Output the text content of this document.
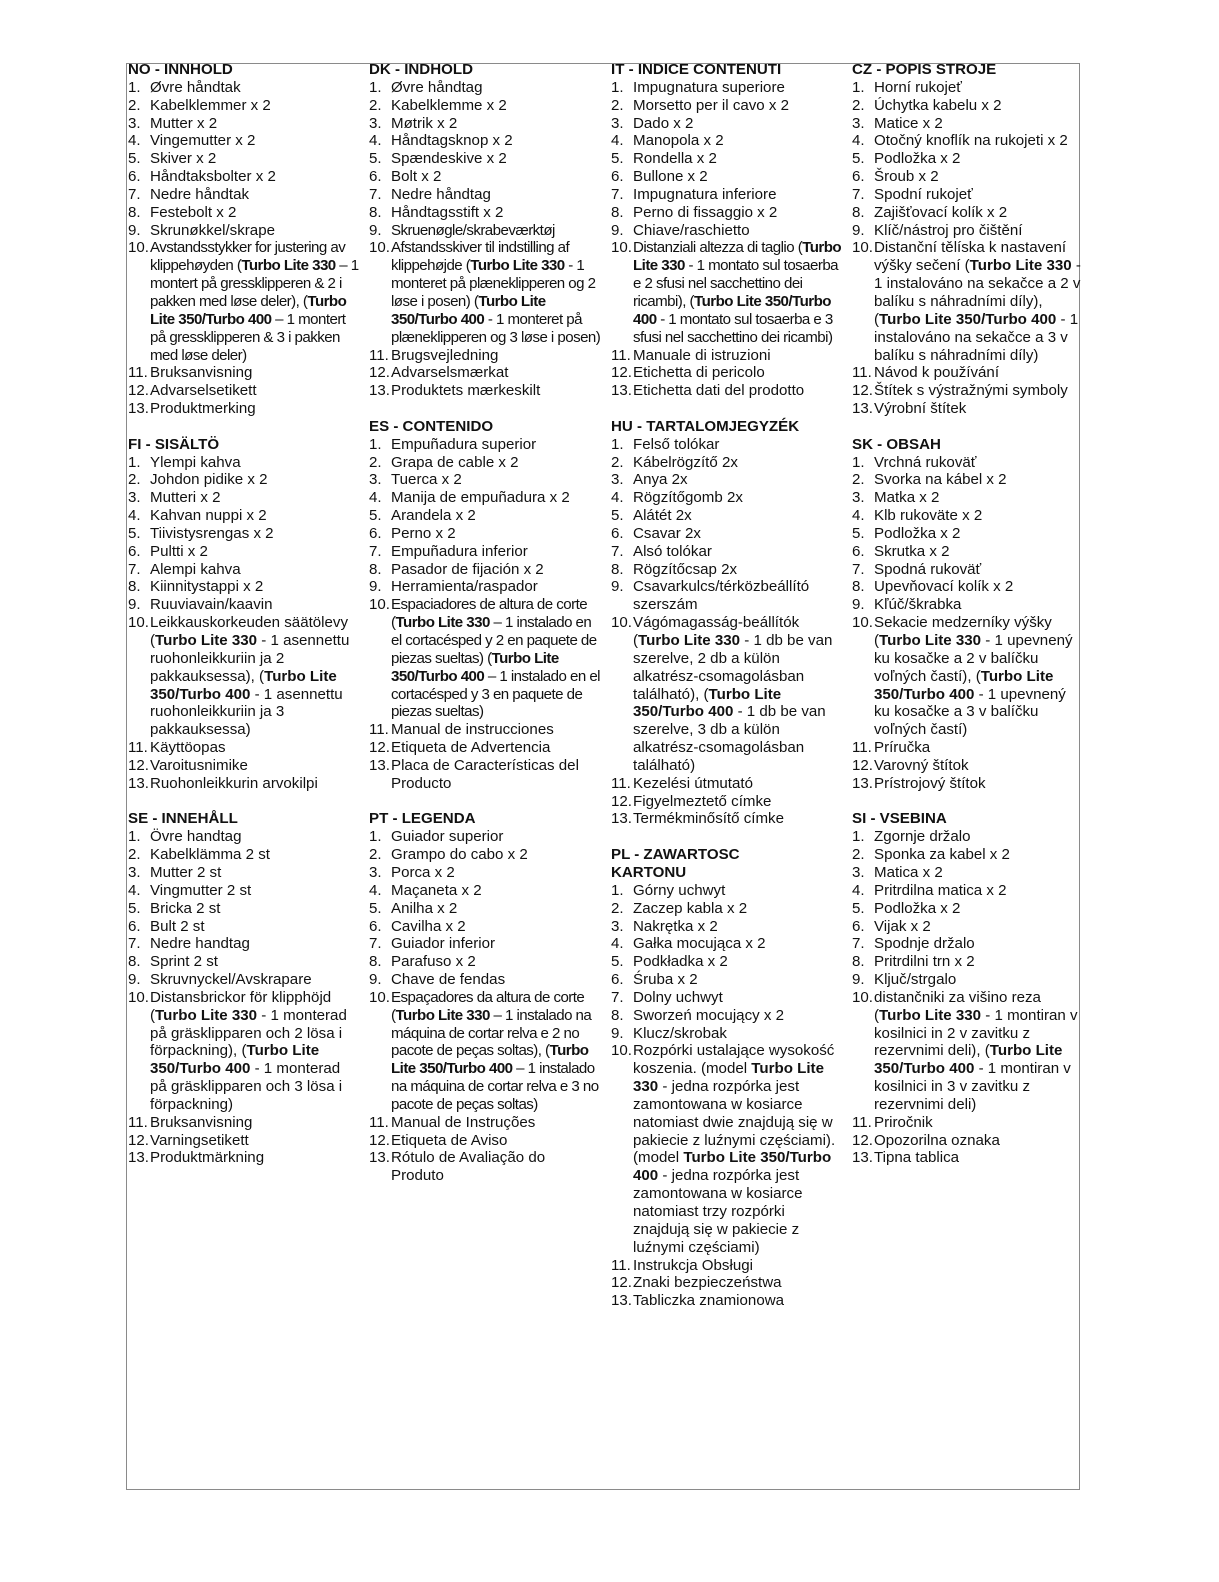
NO - INNHOLD
1. Øvre håndtak
2. Kabelklemmer x 2
3. Mutter x 2
4. Vingemutter x 2
5. Skiver x 2
6. Håndtaksbolter x 2
7. Nedre håndtak
8. Festebolt x 2
9. Skrunøkkel/skrape
10. Avstandsstykker for justering av klippehøyden (Turbo Lite 330 – 1 montert på gressklipperen & 2 i pakken med løse deler), (Turbo Lite 350/Turbo 400 – 1 montert på gressklipperen & 3 i pakken med løse deler)
11. Bruksanvisning
12. Advarselsetikett
13. Produktmerking
FI - SISÄLTÖ
1. Ylempi kahva
2. Johdon pidike x 2
3. Mutteri x 2
4. Kahvan nuppi x 2
5. Tiivistysrengas x 2
6. Pultti x 2
7. Alempi kahva
8. Kiinnitystappi x 2
9. Ruuviavain/kaavin
10. Leikkauskorkeuden säätölevy (Turbo Lite 330 - 1 asennettu ruohonleikkuriin ja 2 pakkauksessa), (Turbo Lite 350/Turbo 400 - 1 asennettu ruohonleikkuriin ja 3 pakkauksessa)
11. Käyttöopas
12. Varoitusnimike
13. Ruohonleikkurin arvokilpi
SE - INNEHÅLL
1. Övre handtag
2. Kabelklämma 2 st
3. Mutter 2 st
4. Vingmutter 2 st
5. Bricka 2 st
6. Bult 2 st
7. Nedre handtag
8. Sprint 2 st
9. Skruvnyckel/Avskrapare
10. Distansbrickor för klipphöjd (Turbo Lite 330 - 1 monterad på gräsklipparen och 2 lösa i förpackning), (Turbo Lite 350/Turbo 400 - 1 monterad på gräsklipparen och 3 lösa i förpackning)
11. Bruksanvisning
12. Varningsetikett
13. Produktmärkning
DK - INDHOLD
1. Øvre håndtag
2. Kabelklemme x 2
3. Møtrik x 2
4. Håndtagsknop x 2
5. Spændeskive x 2
6. Bolt x 2
7. Nedre håndtag
8. Håndtagsstift x 2
9. Skruenøgle/skrabeværktøj
10. Afstandsskiver til indstilling af klippehøjde (Turbo Lite 330 - 1 monteret på plæneklipperen og 2 løse i posen) (Turbo Lite 350/Turbo 400 - 1 monteret på plæneklipperen og 3 løse i posen)
11. Brugsvejledning
12. Advarselsmærkat
13. Produktets mærkeskilt
ES - CONTENIDO
1. Empuñadura superior
2. Grapa de cable x 2
3. Tuerca x 2
4. Manija de empuñadura x 2
5. Arandela x 2
6. Perno x 2
7. Empuñadura inferior
8. Pasador de fijación x 2
9. Herramienta/raspador
10. Espaciadores de altura de corte (Turbo Lite 330 – 1 instalado en el cortacésped y 2 en paquete de piezas sueltas) (Turbo Lite 350/Turbo 400 – 1 instalado en el cortacésped y 3 en paquete de piezas sueltas)
11. Manual de instrucciones
12. Etiqueta de Advertencia
13. Placa de Características del Producto
PT - LEGENDA
1. Guiador superior
2. Grampo do cabo x 2
3. Porca x 2
4. Maçaneta x 2
5. Anilha x 2
6. Cavilha x 2
7. Guiador inferior
8. Parafuso x 2
9. Chave de fendas
10. Espaçadores da altura de corte (Turbo Lite 330 – 1 instalado na máquina de cortar relva e 2 no pacote de peças soltas), (Turbo Lite 350/Turbo 400 – 1 instalado na máquina de cortar relva e 3 no pacote de peças soltas)
11. Manual de Instruções
12. Etiqueta de Aviso
13. Rótulo de Avaliação do Produto
IT - INDICE CONTENUTI
1. Impugnatura superiore
2. Morsetto per il cavo x 2
3. Dado x 2
4. Manopola x 2
5. Rondella x 2
6. Bullone x 2
7. Impugnatura inferiore
8. Perno di fissaggio x 2
9. Chiave/raschietto
10. Distanziali altezza di taglio (Turbo Lite 330 - 1 montato sul tosaerba e 2 sfusi nel sacchettino dei ricambi), (Turbo Lite 350/Turbo 400 - 1 montato sul tosaerba e 3 sfusi nel sacchettino dei ricambi)
11. Manuale di istruzioni
12. Etichetta di pericolo
13. Etichetta dati del prodotto
HU - TARTALOMJEGYZÉK
1. Felső tolókar
2. Kábelrögzítő 2x
3. Anya 2x
4. Rögzítőgomb 2x
5. Alátét 2x
6. Csavar 2x
7. Alsó tolókar
8. Rögzítőcsap 2x
9. Csavarkulcs/térközbeállító szerszám
10. Vágómagasság-beállítók (Turbo Lite 330 - 1 db be van szerelve, 2 db a külön alkatrész-csomagolásban található), (Turbo Lite 350/Turbo 400 - 1 db be van szerelve, 3 db a külön alkatrész-csomagolásban található)
11. Kezelési útmutató
12. Figyelmeztető címke
13. Termékminősítő címke
PL - ZAWARTOSC
KARTONU
1. Górny uchwyt
2. Zaczep kabla x 2
3. Nakrętka x 2
4. Gałka mocująca x 2
5. Podkładka x 2
6. Śruba x 2
7. Dolny uchwyt
8. Sworzeń mocujący x 2
9. Klucz/skrobak
10. Rozpórki ustalające wysokość koszenia. (model Turbo Lite 330 - jedna rozpórka jest zamontowana w kosiarce natomiast dwie znajdują się w pakiecie z luźnymi częściami). (model Turbo Lite 350/Turbo 400 - jedna rozpórka jest zamontowana w kosiarce natomiast trzy rozpórki znajdują się w pakiecie z luźnymi częściami)
11. Instrukcja Obsługi
12. Znaki bezpieczeństwa
13. Tabliczka znamionowa
CZ - POPIS STROJE
1. Horní rukojeť
2. Úchytka kabelu x 2
3. Matice x 2
4. Otočný knoflík na rukojeti x 2
5. Podložka x 2
6. Šroub x 2
7. Spodní rukojeť
8. Zajišťovací kolík x 2
9. Klíč/nástroj pro čištění
10. Distanční tělíska k nastavení výšky sečení (Turbo Lite 330 - 1 instalováno na sekačce a 2 v balíku s náhradními díly), (Turbo Lite 350/Turbo 400 - 1 instalováno na sekačce a 3 v balíku s náhradními díly)
11. Návod k používání
12. Štítek s výstražnými symboly
13. Výrobní štítek
SK - OBSAH
1. Vrchná rukoväť
2. Svorka na kábel x 2
3. Matka x 2
4. Klb rukoväte x 2
5. Podložka x 2
6. Skrutka x 2
7. Spodná rukoväť
8. Upevňovací kolík x 2
9. Kľúč/škrabka
10. Sekacie medzerníky výšky (Turbo Lite 330 - 1 upevnený ku kosačke a 2 v balíčku voľných častí), (Turbo Lite 350/Turbo 400 - 1 upevnený ku kosačke a 3 v balíčku voľných častí)
11. Príručka
12. Varovný štítok
13. Prístrojový štítok
SI - VSEBINA
1. Zgornje držalo
2. Sponka za kabel x 2
3. Matica x 2
4. Pritrdilna matica x 2
5. Podložka x 2
6. Vijak x 2
7. Spodnje držalo
8. Pritrdilni trn x 2
9. Ključ/strgalo
10. distančniki za višino reza (Turbo Lite 330 - 1 montiran v kosilnici in 2 v zavitku z rezervnimi deli), (Turbo Lite 350/Turbo 400 - 1 montiran v kosilnici in 3 v zavitku z rezervnimi deli)
11. Priročnik
12. Opozorilna oznaka
13. Tipna tablica
